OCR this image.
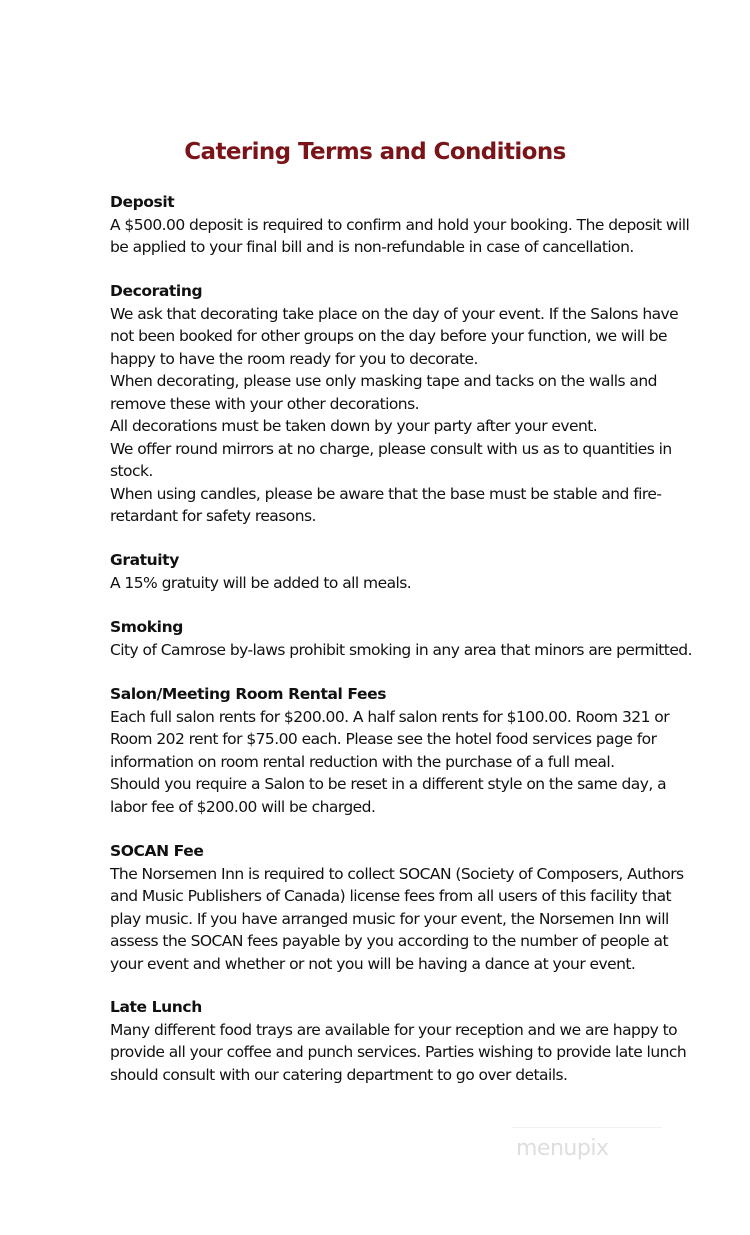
Catering Terms and Conditions
Deposit
A $500.00 deposit is required to confirm and hold your booking. The deposit will
be applied to your final bill and is non-refundable in case of cancellation.
Decorating
We ask that decorating take place on the day of your event. If the Salons have
not been booked for other groups on the day before your function, we will be
happy to have the room ready for you to decorate.
When decorating, please use only masking tape and tacks on the walls and
remove these with your other decorations.
All decorations must be taken down by your party after your event.
We offer round mirrors at no charge, please consult with us as to quantities in
stock.
When using candles, please be aware that the base must be stable and fire-
retardant for safety reasons.
Gratuity
A 15% gratuity will be added to all meals.
Smoking
City of Camrose by-laws prohibit smoking in any area that minors are permitted.
Salon/Meeting Room Rental Fees
Each full salon rents for $200.00. A half salon rents for $100.00. Room 321 or
Room 202 rent for $75.00 each. Please see the hotel food services page for
information on room rental reduction with the purchase of a full meal.
Should you require a Salon to be reset in a different style on the same day, a
labor fee of $200.00 will be charged.
SOCAN Fee
The Norsemen Inn is required to collect SOCAN (Society of Composers, Authors
and Music Publishers of Canada) license fees from all users of this facility that
play music. If you have arranged music for your event, the Norsemen Inn will
assess the SOCAN fees payable by you according to the number of people at
your event and whether or not you will be having a dance at your event.
Late Lunch
Many different food trays are available for your reception and we are happy to
provide all your coffee and punch services. Parties wishing to provide late lunch
should consult with our catering department to go over details.
menupix
